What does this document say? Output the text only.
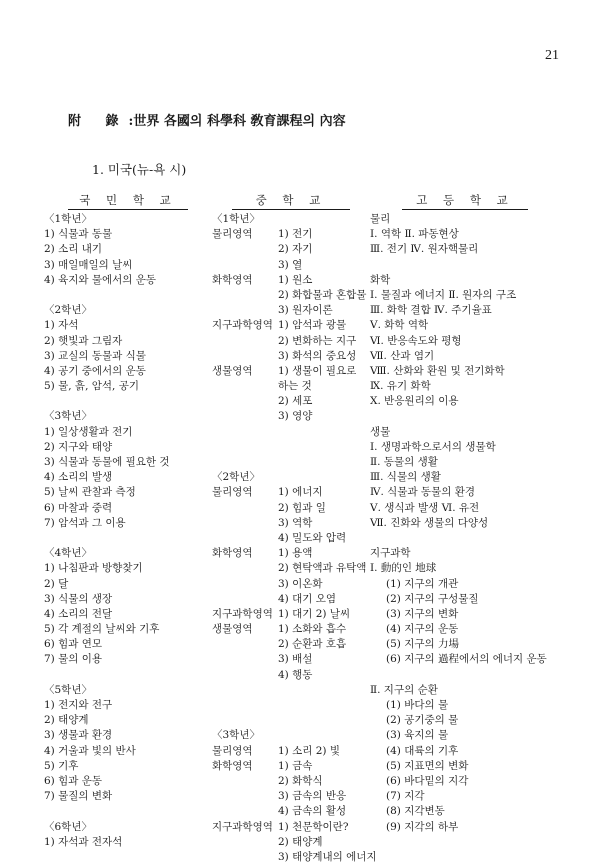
21
附 錄:世界 各國의 科學科 敎育課程의 內容
1. 미국(뉴-욕 시)
국 민 학 교	중 학 교	고 등 학 교
〈1학년〉
1) 식물과 동물
2) 소리 내기
3) 매일매일의 날씨
4) 육지와 물에서의 운동
〈2학년〉
1) 자석
2) 햇빛과 그림자
3) 교실의 동물과 식물
4) 공기 중에서의 운동
5) 물, 흙, 암석, 공기
〈3학년〉
1) 일상생활과 전기
2) 지구와 태양
3) 식물과 동물에 필요한 것
4) 소리의 발생
5) 날씨 관찰과 측정
6) 마찰과 중력
7) 암석과 그 이용
〈4학년〉
1) 나침판과 방향찾기
2) 달
3) 식물의 생장
4) 소리의 전달
5) 각 계절의 날씨와 기후
6) 힘과 연모
7) 물의 이용
〈5학년〉
1) 전지와 전구
2) 태양계
3) 생물과 환경
4) 거울과 빛의 반사
5) 기후
6) 힘과 운동
7) 물질의 변화
〈6학년〉
1) 자석과 전자석
〈1학년〉
물리영역 1) 전기
2) 자기
3) 열
화학영역 1) 원소
2) 화합물과 혼합물
3) 원자이론
지구과학영역 1) 암석과 광물
2) 변화하는 지구
3) 화석의 중요성
생물영역 1) 생물이 필요로
하는 것
2) 세포
3) 영양
〈2학년〉
물리영역 1) 에너지
2) 힘과 일
3) 역학
4) 밀도와 압력
화학영역 1) 용액
2) 현탁액과 유탁액
3) 이온화
4) 대기 오염
지구과학영역 1) 대기 2) 날씨
생물영역 1) 소화와 흡수
2) 순환과 호흡
3) 배설
4) 행동
〈3학년〉
물리영역 1) 소리 2) 빛
화학영역 1) 금속
2) 화학식
3) 금속의 반응
4) 금속의 활성
지구과학영역 1) 천문학이란?
2) 태양계
3) 태양계내의 에너지
물리
Ⅰ. 역학 Ⅱ. 파동현상
Ⅲ. 전기 Ⅳ. 원자핵물리
화학
Ⅰ. 물질과 에너지 Ⅱ. 원자의 구조
Ⅲ. 화학 결합 Ⅳ. 주기율표
Ⅴ. 화학 역학
Ⅵ. 반응속도와 평형
Ⅶ. 산과 염기
Ⅷ. 산화와 환원 및 전기화학
Ⅸ. 유기 화학
Ⅹ. 반응원리의 이용
생물
Ⅰ. 생명과학으로서의 생물학
Ⅱ. 동물의 생활
Ⅲ. 식물의 생활
Ⅳ. 식물과 동물의 환경
Ⅴ. 생식과 발생 Ⅵ. 유전
Ⅶ. 진화와 생물의 다양성
지구과학
Ⅰ. 動的인 地球
(1) 지구의 개관
(2) 지구의 구성물질
(3) 지구의 변화
(4) 지구의 운동
(5) 지구의 力場
(6) 지구의 過程에서의 에너지 운동
Ⅱ. 지구의 순환
(1) 바다의 물
(2) 공기중의 물
(3) 육지의 물
(4) 대륙의 기후
(5) 지표면의 변화
(6) 바다밑의 지각
(7) 지각
(8) 지각변동
(9) 지각의 하부
